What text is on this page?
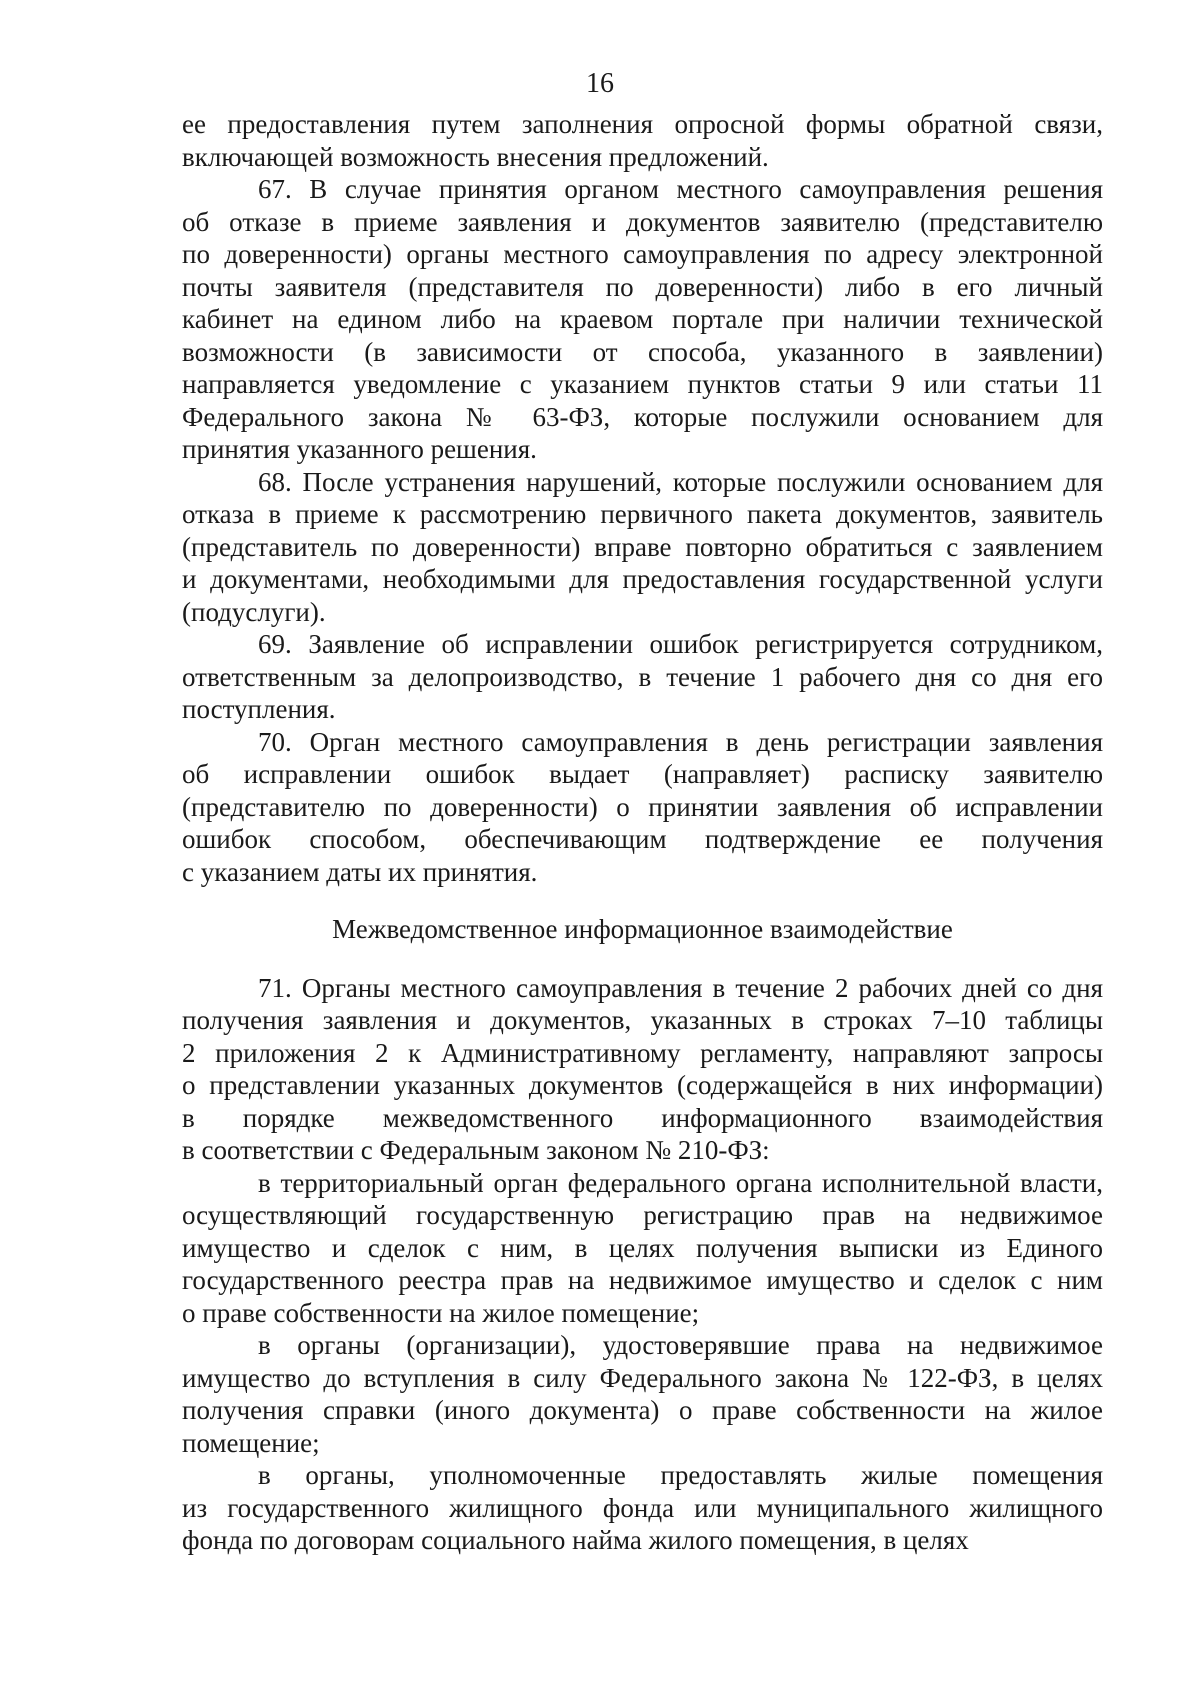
16
ее предоставления путем заполнения опросной формы обратной связи,
включающей возможность внесения предложений.
67. В случае принятия органом местного самоуправления решения
об отказе в приеме заявления и документов заявителю (представителю
по доверенности) органы местного самоуправления по адресу электронной
почты заявителя (представителя по доверенности) либо в его личный
кабинет на едином либо на краевом портале при наличии технической
возможности (в зависимости от способа, указанного в заявлении)
направляется уведомление с указанием пунктов статьи 9 или статьи 11
Федерального закона № 63-ФЗ, которые послужили основанием для
принятия указанного решения.
68. После устранения нарушений, которые послужили основанием для
отказа в приеме к рассмотрению первичного пакета документов, заявитель
(представитель по доверенности) вправе повторно обратиться с заявлением
и документами, необходимыми для предоставления государственной услуги
(подуслуги).
69. Заявление об исправлении ошибок регистрируется сотрудником,
ответственным за делопроизводство, в течение 1 рабочего дня со дня его
поступления.
70. Орган местного самоуправления в день регистрации заявления
об исправлении ошибок выдает (направляет) расписку заявителю
(представителю по доверенности) о принятии заявления об исправлении
ошибок способом, обеспечивающим подтверждение ее получения
с указанием даты их принятия.
Межведомственное информационное взаимодействие
71. Органы местного самоуправления в течение 2 рабочих дней со дня
получения заявления и документов, указанных в строках 7–10 таблицы
2 приложения 2 к Административному регламенту, направляют запросы
о представлении указанных документов (содержащейся в них информации)
в порядке межведомственного информационного взаимодействия
в соответствии с Федеральным законом № 210-ФЗ:
в территориальный орган федерального органа исполнительной власти,
осуществляющий государственную регистрацию прав на недвижимое
имущество и сделок с ним, в целях получения выписки из Единого
государственного реестра прав на недвижимое имущество и сделок с ним
о праве собственности на жилое помещение;
в органы (организации), удостоверявшие права на недвижимое
имущество до вступления в силу Федерального закона № 122-ФЗ, в целях
получения справки (иного документа) о праве собственности на жилое
помещение;
в органы, уполномоченные предоставлять жилые помещения
из государственного жилищного фонда или муниципального жилищного
фонда по договорам социального найма жилого помещения, в целях
